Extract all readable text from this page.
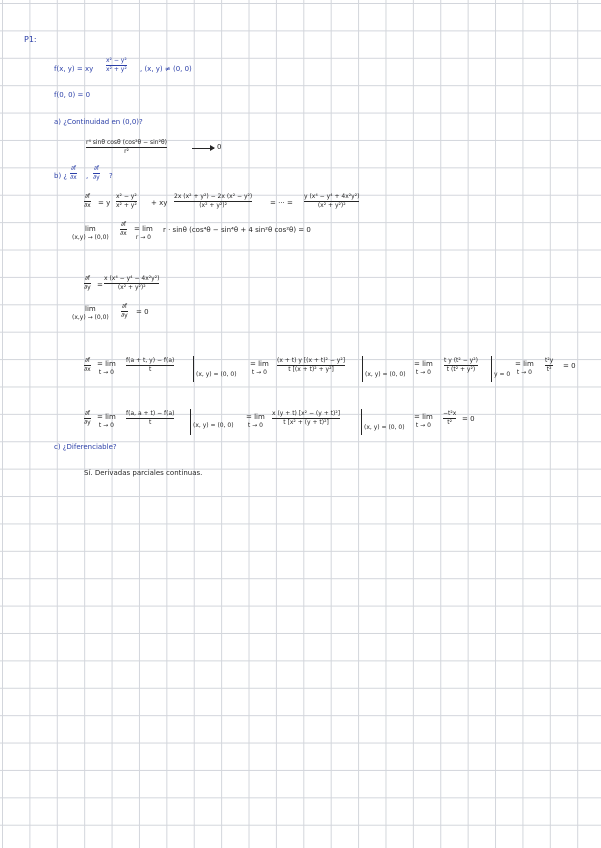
P1:
f(x, y) = xy
x² − y²
x² + y² , (x, y) ≠ (0, 0)
f(0, 0) = 0
a) ¿Continuidad en (0,0)?
r⁴ sinθ cosθ (cos²θ − sin²θ)
r²
0
b) ¿
∂f
∂x ,
∂f
∂y ?
∂f
∂x = y
x² − y²
x² + y² + xy
2x (x² + y²) − 2x (x² − y²)
(x² + y²)²	= ··· =
y (x⁴ − y⁴ + 4x²y²)
(x² + y²)²
lim
(x,y) → (0,0)
∂f
∂x
= lim
r → 0
r · sinθ (cos⁴θ − sin⁴θ + 4 sin²θ cos²θ) = 0
∂f
∂y =
x (x⁴ − y⁴ − 4x²y²)
(x² + y²)²
lim
(x,y) → (0,0)
∂f
∂y = 0
∂f
∂x
= lim
t → 0
f(a + t, y) − f(a)
t
(x, y) = (0, 0)
= lim
t → 0
(x + t) y [(x + t)² − y²]
t [(x + t)² + y²]
(x, y) = (0, 0)
= lim
t → 0
t y (t² − y²)
t (t² + y²)
y = 0
= lim
t → 0
t²y
t² = 0
∂f
∂y
= lim
t → 0
f(a, a + t) − f(a)
t	(x, y) = (0, 0)
= lim
t → 0
x (y + t) [x² − (y + t)²]
t [x² + (y + t)²]
(x, y) = (0, 0)
= lim
t → 0
−t²x
t² = 0
c) ¿Diferenciable?
Sí. Derivadas parciales continuas.
